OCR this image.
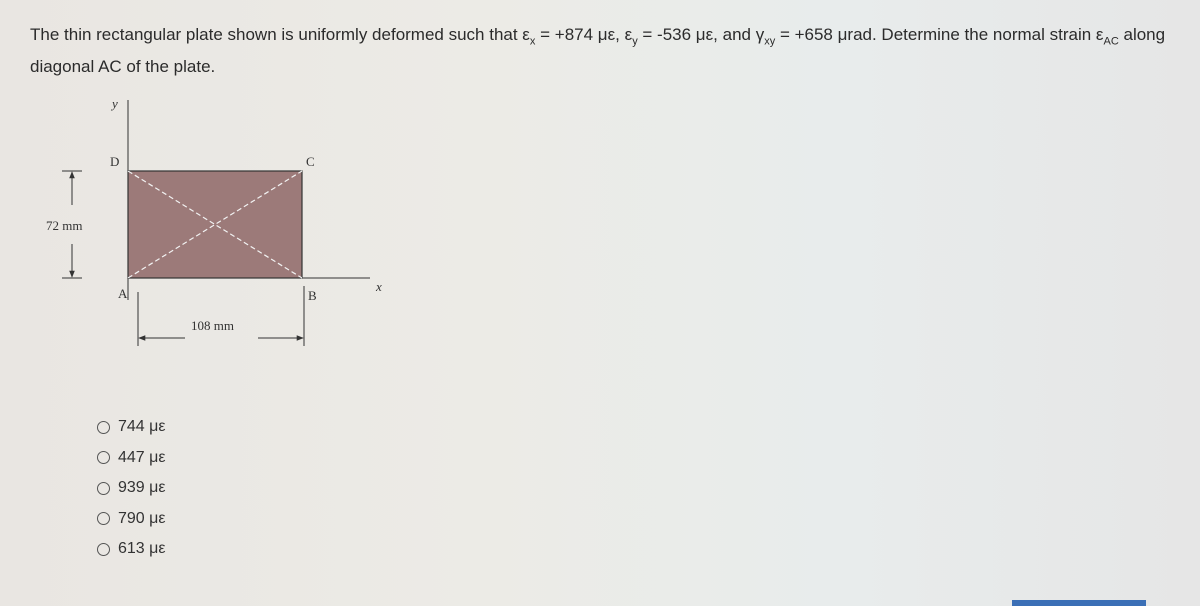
The thin rectangular plate shown is uniformly deformed such that $\varepsilon_x = +874$ με, $\varepsilon_y = -536$ με, and $\gamma_{xy} = +658$ μrad. Determine the normal strain $\varepsilon_{AC}$ along diagonal AC of the plate.
y
x
D	C
A	B
72 mm
108 mm
744 με
447 με
939 με
790 με
613 με
